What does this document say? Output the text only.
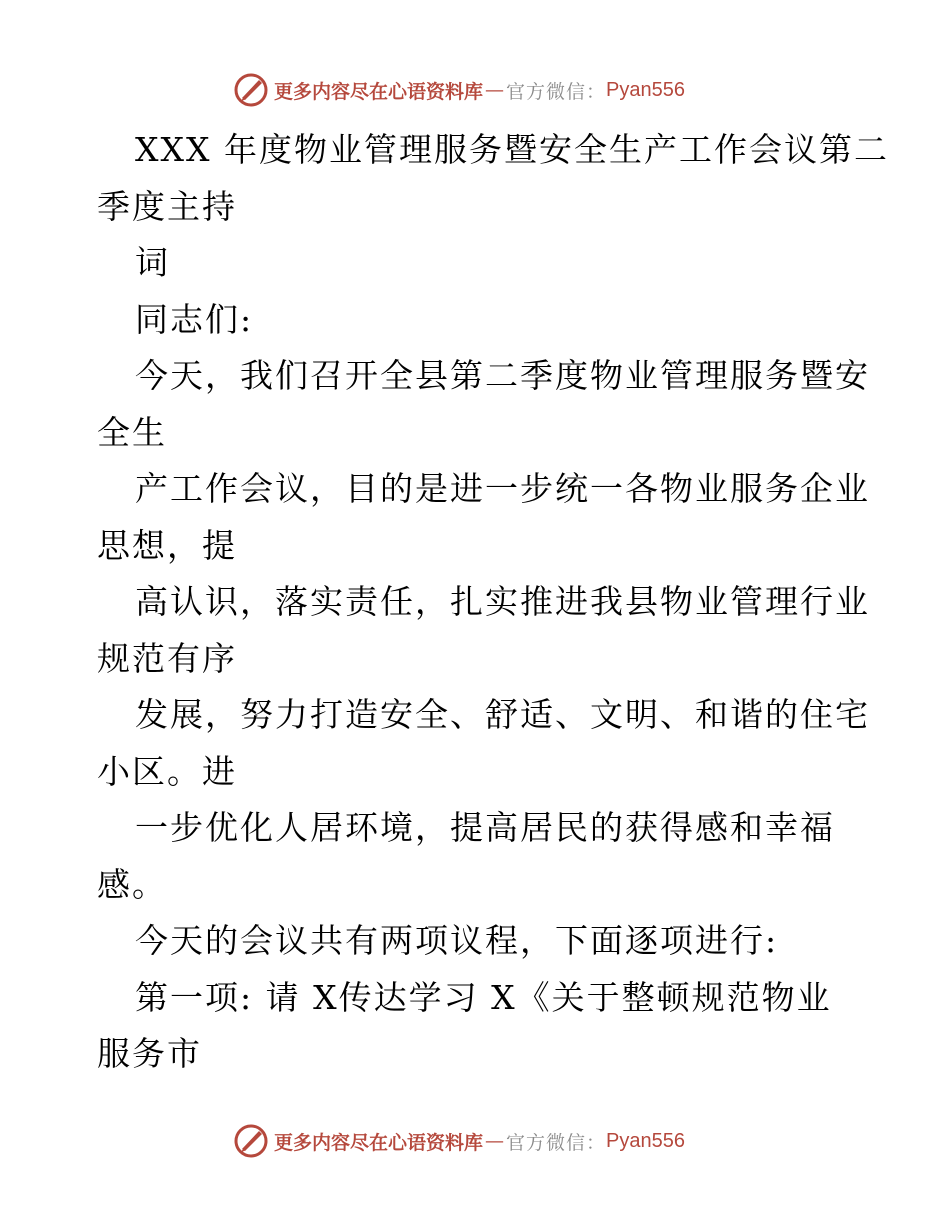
更多内容尽在心语资料库 — 官方微信： Pyan556
XXX 年度物业管理服务暨安全生产工作会议第二
季度主持
词
同志们:
今天，我们召开全县第二季度物业管理服务暨安
全生
产工作会议，目的是进一步统一各物业服务企业
思想，提
高认识，落实责任，扎实推进我县物业管理行业
规范有序
发展，努力打造安全、舒适、文明、和谐的住宅
小区。进
一步优化人居环境，提高居民的获得感和幸福
感。
今天的会议共有两项议程，下面逐项进行:
第一项: 请 X传达学习 X《关于整顿规范物业
服务市
更多内容尽在心语资料库 — 官方微信： Pyan556
